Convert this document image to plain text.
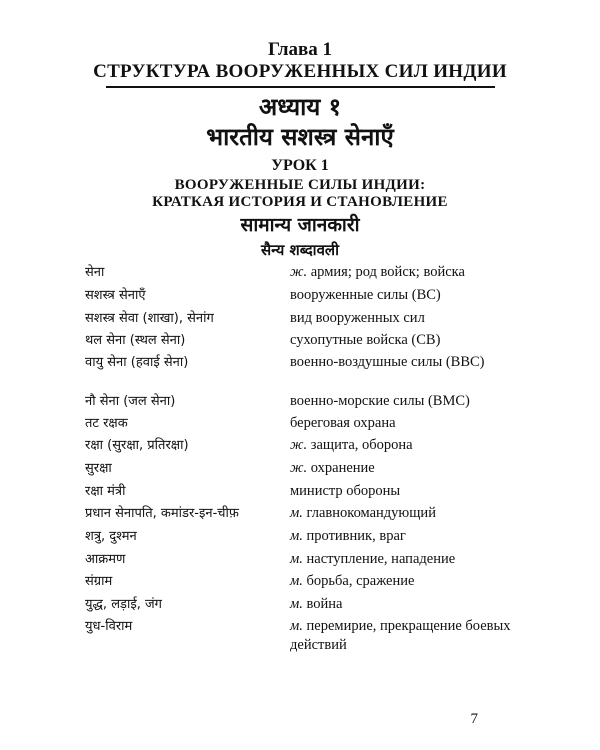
Глава 1
СТРУКТУРА ВООРУЖЕННЫХ СИЛ ИНДИИ
अध्याय १
भारतीय सशस्त्र सेनाएँ
УРОК 1
ВООРУЖЕННЫЕ СИЛЫ ИНДИИ:
КРАТКАЯ ИСТОРИЯ И СТАНОВЛЕНИЕ
सामान्य जानकारी
सैन्य शब्दावली
सेना	ж. армия; род войск; войска
सशस्त्र सेनाएँ	вооруженные силы (ВС)
सशस्त्र सेवा (शाखा), सेनांग	вид вооруженных сил
थल सेना (स्थल सेना)	сухопутные войска (СВ)
वायु सेना (हवाई सेना)	военно-воздушные силы (ВВС)
नौ सेना (जल सेना)	военно-морские силы (ВМС)
तट रक्षक	береговая охрана
रक्षा (सुरक्षा, प्रतिरक्षा)	ж. защита, оборона
सुरक्षा	ж. охранение
रक्षा मंत्री	министр обороны
प्रधान सेनापति, कमांडर-इन-चीफ़	м. главнокомандующий
शत्रु, दुश्मन	м. противник, враг
आक्रमण	м. наступление, нападение
संग्राम	м. борьба, сражение
युद्ध, लड़ाई, जंग	м. война
युध-विराम	м. перемирие, прекращение боевых действий
7
